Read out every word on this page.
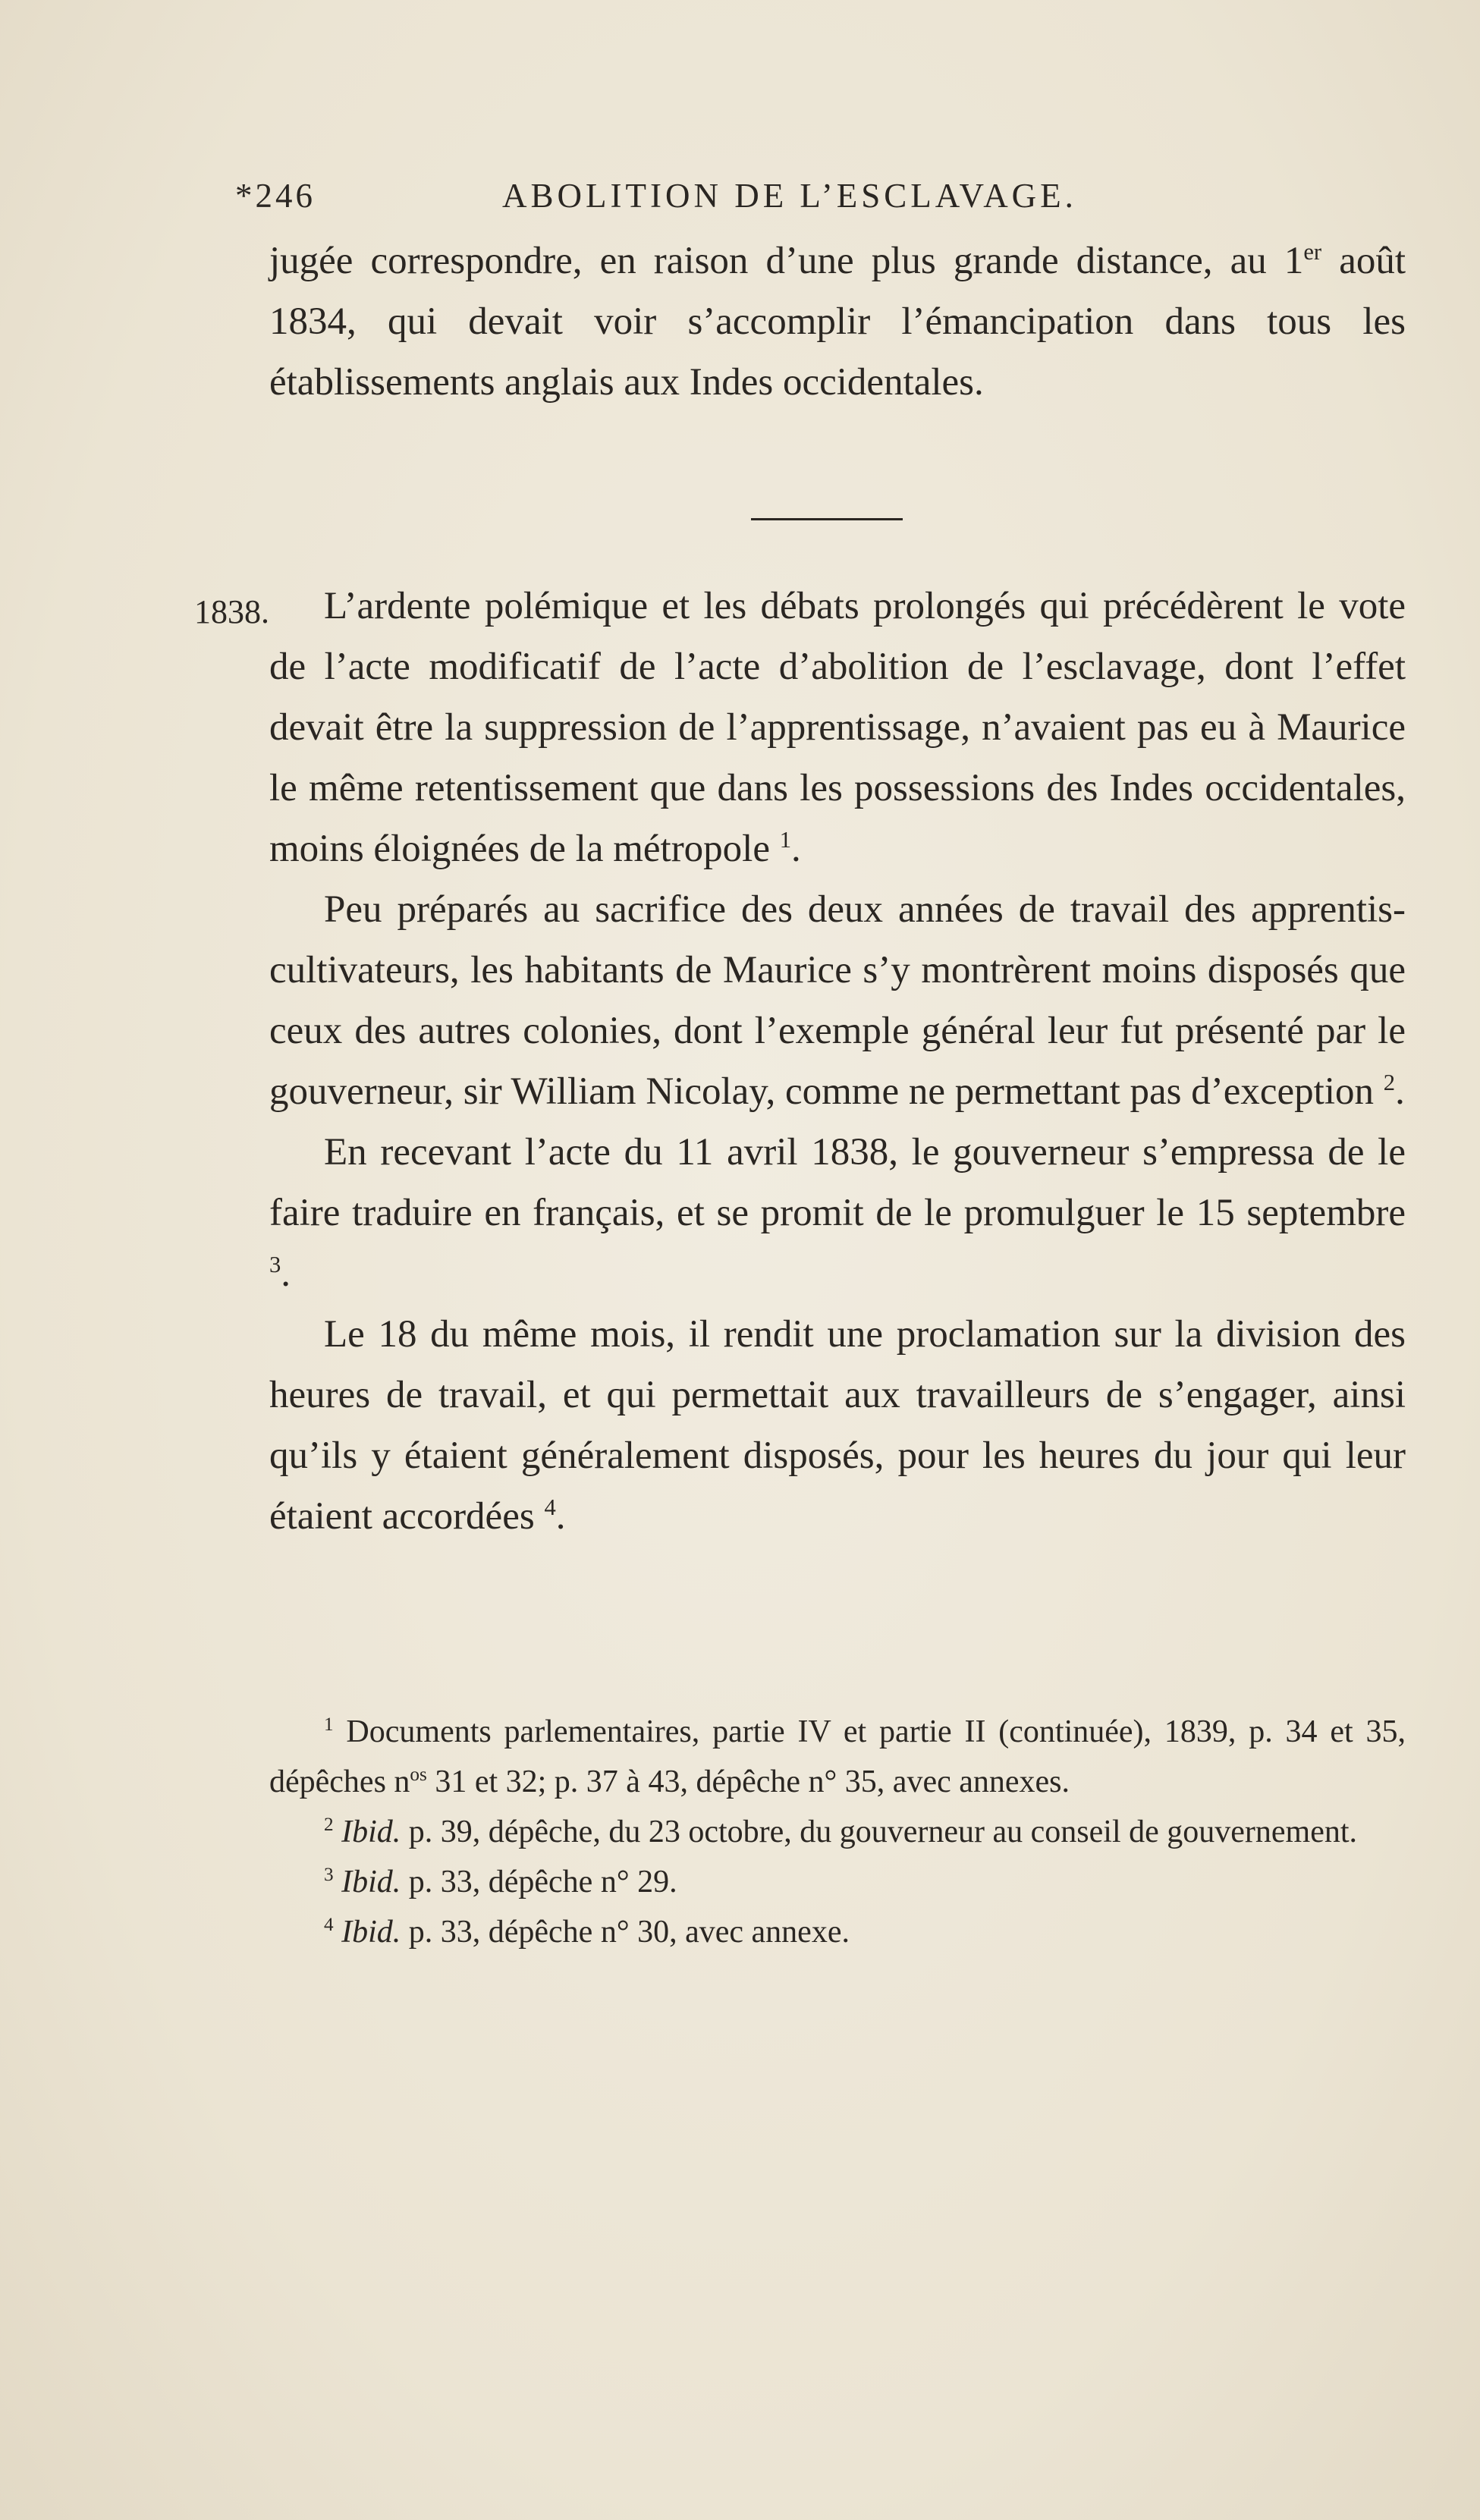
*246	ABOLITION DE L’ESCLAVAGE.

jugée correspondre, en raison d’une plus grande distance, au 1er août 1834, qui devait voir s’accomplir l’émancipation dans tous les établissements anglais aux Indes occidentales.

1838.	L’ardente polémique et les débats prolongés qui précédèrent le vote de l’acte modificatif de l’acte d’abolition de l’esclavage, dont l’effet devait être la suppression de l’apprentissage, n’avaient pas eu à Maurice le même retentissement que dans les possessions des Indes occidentales, moins éloignées de la métropole $^1$.

Peu préparés au sacrifice des deux années de travail des apprentis-cultivateurs, les habitants de Maurice s’y montrèrent moins disposés que ceux des autres colonies, dont l’exemple général leur fut présenté par le gouverneur, sir William Nicolay, comme ne permettant pas d’exception $^2$.

En recevant l’acte du 11 avril 1838, le gouverneur s’empressa de le faire traduire en français, et se promit de le promulguer le 15 septembre $^3$.

Le 18 du même mois, il rendit une proclamation sur la division des heures de travail, et qui permettait aux travailleurs de s’engager, ainsi qu’ils y étaient généralement disposés, pour les heures du jour qui leur étaient accordées $^4$.

$^1$ Documents parlementaires, partie IV et partie II (continuée), 1839, p. 34 et 35, dépêches $n^{os}$ 31 et 32; p. 37 à 43, dépêche n° 35, avec annexes.

$^2$ Ibid. p. 39, dépêche, du 23 octobre, du gouverneur au conseil de gouvernement.

$^3$ Ibid. p. 33, dépêche n° 29.

$^4$ Ibid. p. 33, dépêche n° 30, avec annexe.
